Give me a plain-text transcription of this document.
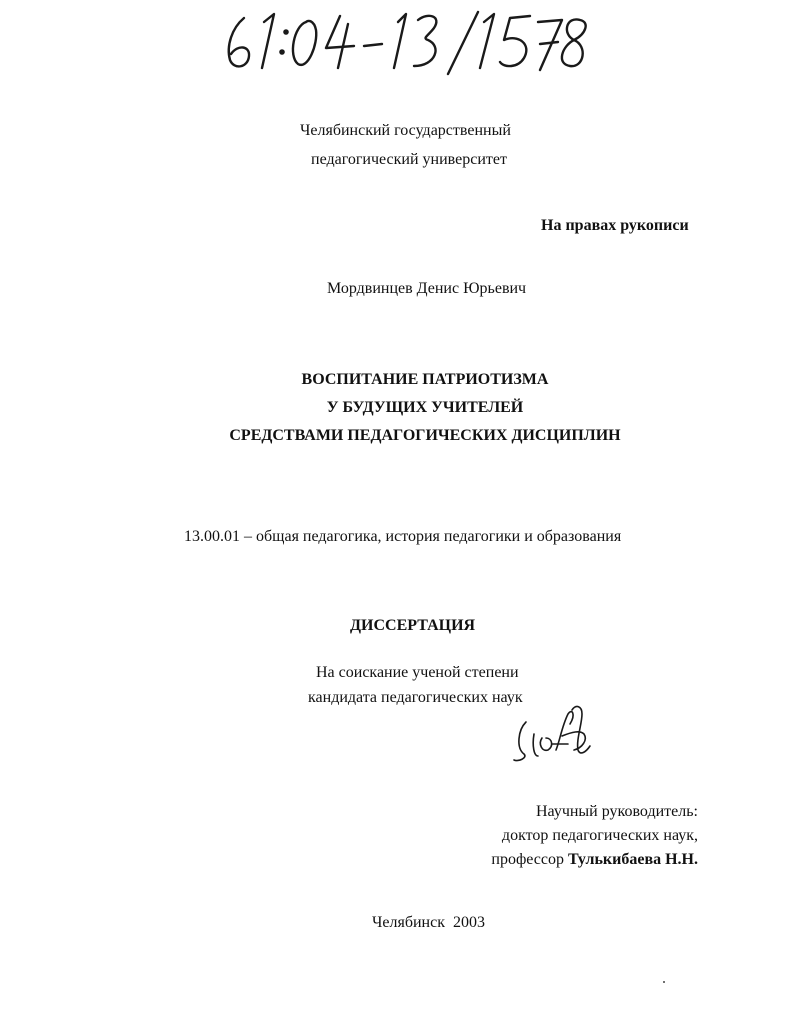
Челябинский государственный
педагогический университет
На правах рукописи
Мордвинцев Денис Юрьевич
ВОСПИТАНИЕ ПАТРИОТИЗМА
У БУДУЩИХ УЧИТЕЛЕЙ
СРЕДСТВАМИ ПЕДАГОГИЧЕСКИХ ДИСЦИПЛИН
13.00.01 – общая педагогика, история педагогики и образования
ДИССЕРТАЦИЯ
На соискание ученой степени
кандидата педагогических наук
Научный руководитель:
доктор педагогических наук,
профессор Тулькибаева Н.Н.
Челябинск  2003
